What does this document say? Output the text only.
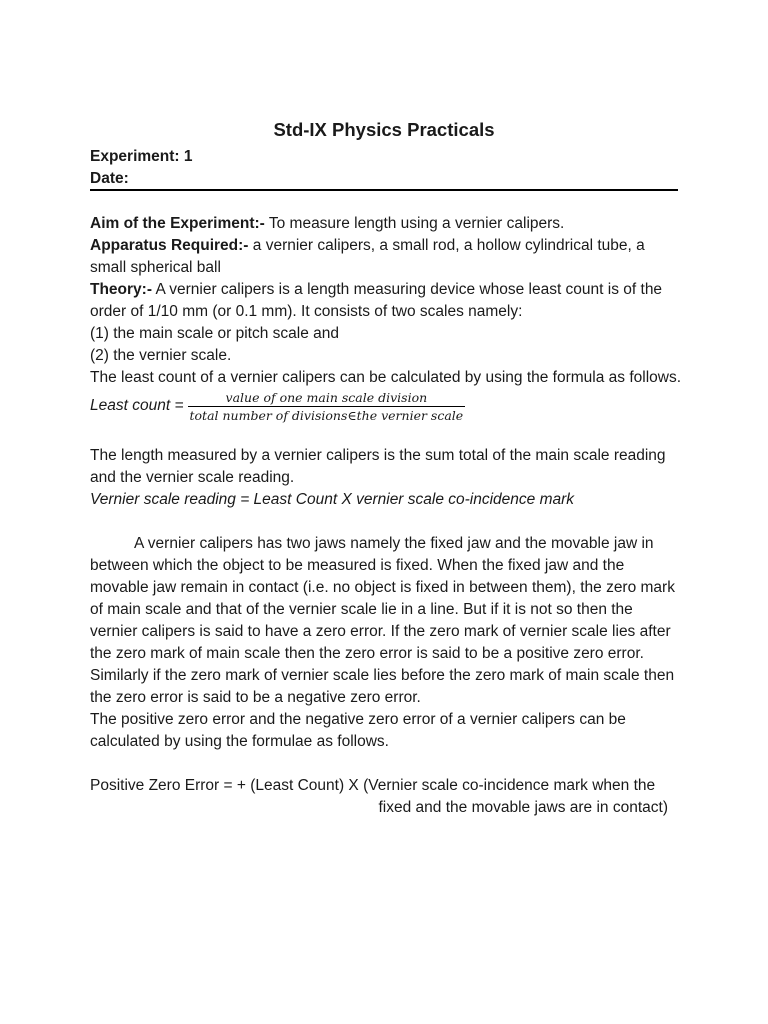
Std-IX Physics Practicals
Experiment: 1
Date:

Aim of the Experiment:- To measure length using a vernier calipers.

Apparatus Required:- a vernier calipers, a small rod, a hollow cylindrical tube, a small spherical ball

Theory:- A vernier calipers is a length measuring device whose least count is of the order of 1/10 mm (or 0.1 mm). It consists of two scales namely:

(1) the main scale or pitch scale and

(2) the vernier scale.

The least count of a vernier calipers can be calculated by using the formula as follows.

Least count = $\frac{\text{value of one main scale division}}{\text{total number of divisions∈the vernier scale}}$

The length measured by a vernier calipers is the sum total of the main scale reading and the vernier scale reading.

Vernier scale reading = Least Count X vernier scale co-incidence mark

A vernier calipers has two jaws namely the fixed jaw and the movable jaw in between which the object to be measured is fixed. When the fixed jaw and the movable jaw remain in contact (i.e. no object is fixed in between them), the zero mark of main scale and that of the vernier scale lie in a line. But if it is not so then the vernier calipers is said to have a zero error. If the zero mark of vernier scale lies after the zero mark of main scale then the zero error is said to be a positive zero error. Similarly if the zero mark of vernier scale lies before the zero mark of main scale then the zero error is said to be a negative zero error.

The positive zero error and the negative zero error of a vernier calipers can be calculated by using the formulae as follows.

Positive Zero Error = + (Least Count) X (Vernier scale co-incidence mark when the

fixed and the movable jaws are in contact)
